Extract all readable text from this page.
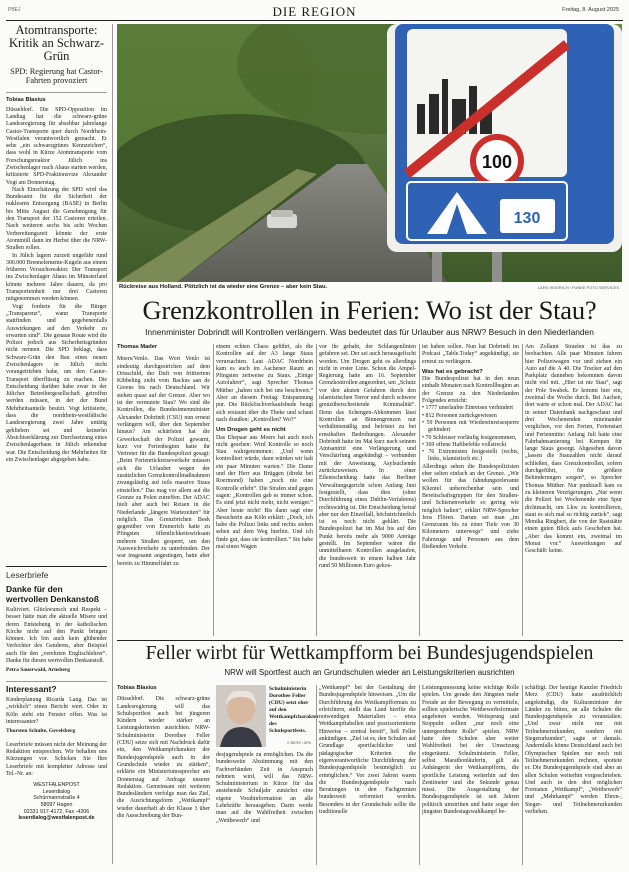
PBEJ	DIE REGION	Freitag, 8. August 2025
Atomtransporte: Kritik an Schwarz-Grün
SPD: Regierung hat Castor-Fahrten provoziert
Tobias Blasius

Düsseldorf. Die SPD-Opposition im Landtag hat die schwarz-grüne Landesregierung für absehbar jahrelange Castor-Transporte quer durch Nordrhein-Westfalen verantwortlich gemacht. Er sehe „ein schwarzgrünes Kennzeichen“, dass wohl in Kürze Atomtransporte vom Forschungsreaktor Jülich ins Zwischenlager nach Ahaus starten werden, kritisierte SPD-Fraktionsvize Alexander Vogt am Donnerstag.

Nach Einschätzung der SPD wird das Bundesamt für die Sicherheit der nuklearen Entsorgung (BASE) in Berlin bis Mitte August die Genehmigung für den Transport der 152 Castoren erteilen. Nach weiteren sechs bis acht Wochen Vorbereitungszeit könnte der erste Atommüll dann im Herbst über die NRW-Straßen rollen.

In Jülich lagern zurzeit ungefähr rund 300.000 Brennelemente-Kugeln aus einem früheren Versuchsreaktor. Der Transport ins Zwischenlager Ahaus im Münsterland könnte mehrere Jahre dauern, da pro Transporteinheit nur drei Castoren mitgenommen werden können.

Vogt forderte für die Bürger „Transparenz“, wann Transporte stattfinden und gegebenenfalls Auswirkungen auf den Verkehr zu erwarten sind“. Die genaue Route wird die Polizei jedoch aus Sicherheitsgründen nicht nennen. Die SPD beklagt, dass Schwarz-Grün den Bau eines neuen Zwischenlagers in Jülich nicht vorangetrieben habe, um den Castor-Transport überflüssig zu machen. Die Entscheidung darüber habe zwar in der Jülicher Betreibergesellschaft getroffen werden müssen, in der der Bund Mehrheitsanteile besitzt. Vogt kritisierte, dass die nordrhein-westfälische Landesregierung zwei Jahre untätig geblieben sei und keinerlei Absichtserklärung zur Durchsetzung eines Zwischenlagerbaus in Jülich erkennbar war. Die Entscheidung der Mehrheiten für ein Zwischenlager abgegeben habe.

Leserbriefe
Danke für den wertvollen Denkanstoß
Kultiviert. Glückwunsch und Respekt – besser hätte man die aktuelle Misere und deren Entstehung in der katholischen Kirche nicht auf den Punkt bringen können. Ich bin auch kein glühender Verfechter des Genderns, aber Beispiel auch für den „verehrten Englischlehrer“. Danke für diesen wertvollen Denkanstoß.
Petra Sauerwald, Arnsberg
Interessant?
Kinderplanung Ricarda Lang. Das ist „wirklich“ einen Bericht wert. Oder in Köln steht ein Fenster offen. Was ist interessanter?
Thorsten Schulte, Gevelsberg
Leserbriefe müssen nicht der Meinung der Redaktion entsprechen. Wir behalten uns Kürzungen vor. Schicken Sie Ihre Leserbriefe mit kompletter Adresse und Tel.-Nr. an:
WESTFALENPOST
Leserdialog
Schürmannstraße 4
58097 Hagen
02331 917-4172, Fax -4206
leserdialog@westfalenpost.de
100
130
Rückreise aus Holland. Plötzlich ist da wieder eine Grenze – aber kein Stau.	LARS HEIDRICH / FUNKE FOTO SERVICES
Grenzkontrollen in Ferien: Wo ist der Stau?
Innenminister Dobrindt will Kontrollen verlängern. Was bedeutet das für Urlauber aus NRW? Besuch in den Niederlanden

Thomas Mader

Moers/Venlo. Das Wort Venlo ist eindeutig durchgestrichen auf dem Ortsschild, der Duft von frittiertem Kibbeling zieht vom Backus aan de Greens bis nach Deutschland. Wir stehen quasi auf der Grenze. Aber wo ist der vermutete Stau? Wo sind die Kontrollen, die Bundesinnenminister Alexander Dobrindt (CSU) nun erneut verlängern will, über den September hinaus? Am schärfsten hat die Gewerkschaft der Polizei gewarnt, kurz vor Ferienbeginn hatte ihr Vertreter für die Bundespolizei gesagt: „Beim Ferienrückreiseverkehr müssen sich die Urlauber wegen der zusätzlichen Grenzkontrollmaßnahmen zwangsläufig auf teils massive Staus einstellen.“ Das mag vor allem auf die Grenze zu Polen zutreffen. Der ADAC hielt aber auch bei Reisen in die Niederlande „längere Wartezeiten“ für möglich. Das Grenzörtchen Beek gegenüber von Emmerich hatte zu Pfingsten öffentlichkeitswirksam mehrere Straßen gesperrt, um den Ausweichverkehr zu unterbinden. Der war insgesamt angestiegen, hatte aber bereits zu Himmelfahrt zu

einem echten Chaos geführt, als die Kontrollen auf der A3 lange Staus verursachten. Laut ADAC Nordrhein kam es auch im Aachener Raum an Pfingsten zeitweise zu Staus. „Einige Autofahrer“, sagt Sprecher Thomas Müther „haben sich bei uns beschwert.“ Aber an diesem Freitag: Entspannung pur. Die Rückfischverkaufsbude beugt sich erstaunt über die Theke und schaut nach draußen: „Kontrollen? Wo?“

Um Drogen geht es nicht

Das Ehepaar aus Moers hat auch noch nicht gesehen: Wird Kontrolle so noch Stau wahrgenommen: „Und wenn kontrolliert würde, dann würden wir halt ein paar Minuten warten.“ Die Dame und der Herr aus Brüggen (direkt bei Roermond) haben „noch nie eine Kontrolle erlebt“. Die Strafen sind gegen sagen: „Kontrollen gab es immer schon. Es sind jetzt nicht mehr, nicht weniger.“ Aber heute nicht! Bis dann sagt eine Besucherin aus Köln erklärt: „Doch, ich habe die Polizei links und rechts stehen sehen auf dem Weg hierhin. Und ich finde gut, dass sie kontrolliert.“ Sie habe mal einen Wagen

vor ihr gehabt, der Schlangenlinien gefahren sei. Der sei auch herausgefischt worden. Um Drogen geht es allerdings nicht in erster Linie. Schon die Ampel-Regierung hatte am 16. September Grenzkontrollen angeordnet, um „Schutz vor den akuten Gefahren durch den islamistischen Terror und durch schwere grenzüberschreitende Kriminalität“. Denn das Schengen-Abkommen lässt Kontrollen an Binnengrenzen nur verhältnismäßig und befristet zu bei ernsthaften Bedrohungen. Alexander Dobrindt hatte im Mai kurz nach seinem Amtsantritt eine Verlängerung und Verschärfung angekündigt – verbunden mit der Anweisung, Asylsuchende zurückzuweisen. In einer Eilentscheidung hatte das Berliner Verwaltungsgericht schon Anfang Juni festgestellt, dass dies (ohne Durchführung eines Dublin-Verfahrens) rechtswidrig ist. Die Entscheidung betraf aber nur den Einzelfall, höchstrichterlich ist es noch nicht geklärt. Die Bundespolizei hat im Mai bis auf den Punkt bereits mehr als 9000 Anträge gestellt. Im September wären die unmittelbaren Kontrollen ausgelaufen, die bundesweit in einem halben Jahr rund 50 Millionen Euro gekos-

tet haben sollen. Nun hat Dobrindt im Podcast „Table.Today“ angekündigt, sie erneut zu verlängern.

Was hat es gebracht?

Die Bundespolizei hat in den neun einhalb Monaten nach Kontrollbeginn an der Grenze zu den Niederlanden Folgendes erreicht:

• 1777 unerlaubte Einreisen verhindert
• 812 Personen zurückgewiesen
• 59 Personen mit Wiedereinreisesperre gehindert
• 70 Schleuser vorläufig festgenommen,
• 369 offene Haftbefehle vollstreckt
• 76 Extremisten festgestellt (rechts, links, islamistisch etc.)

Allerdings sehen die Bundespolizisten eher selten einfach an der Grenze. „Wir wollen für das fahndungsrelevante Klientel unberechenbar sein und Bereitschaftsgruppen für den Straßen- und Schienenverkehr so gering wie möglich halten“, erklärt NRW-Sprecher Jens Flören. Darum sei man „im Grenzraum bis zu einer Tiefe von 30 Kilometern unterwegs“ und ziehe Fahrzeuge und Personen aus dem fließenden Verkehr.

Am Zollamt Straelen ist das zu beobachten. Alle paar Minuten fahren hier Polizeiwagen vor und ziehen ein Auto auf die A 40. Die Trucker auf den Parkplatz danneben bekommen davon nicht viel mit. „Hier ist nie Stau“, sagt der Pole Swabek. Er kommt hier ein, zweimal die Woche durch. Bei Aachen, dort warte er schon mal. Der ADAC hat in seiner Datenbank nachgeschaut und drei Wochenenden miteinander verglichen, vor den Ferien, Ferienstart und Ferienmitte: Anfang Juli hatte eine Fahrbahnsanierung bei Kempen für lange Staus gesorgt. Abgesehen davon „lassen die Stauzahlen nicht darauf schließen, dass Grenzkontrollen, sofern durchgeführt, für größere Behinderungen sorgen“, so Sprecher Thomas Müther. Nur punktuell kam es zu kleineren Verzögerungen. „Nur wenn die Polizei bei Wochenende eine Spur dichtmacht, um Lkw zu kontrollieren, staut es sich mal so richtig zurück“, sagt Monika Ringbert, die von der Raststätte einen guten Blick aufs Geschehen hat. „Aber das kommt ein, zweimal im Monat vor.“ Auswirkungen auf Geschäft: keine.

Feller wirbt für Wettkampfform bei Bundesjugendspielen
NRW will Sportfest auch an Grundschulen wieder an Leistungskriterien ausrichten

Tobias Blasius

Düsseldorf. Die schwarz-grüne Landesregierung will das Schulsportfest auch bei jüngeren Kindern wieder stärker an Leistungskriterien ausrichten. NRW-Schulministerin Dorothee Feller (CDU) setze sich mit Nachdruck dafür ein, den Wettkampfcharakter der Bundesjugendspiele auch in der Grundschule wieder zu stärken“, erklärte ein Ministeriumssprecher am Donnerstag auf Anfrage unserer Redaktion. Gemeinsam mit weiteren Bundesländern verfolge man das Ziel, die Ausrichtungsform „Wettkampf“ wieder dauerhaft ab der Klasse 3 über die Ausschreibung der Bun-

Schulministerin Dorothee Feller (CDU) setzt eher auf den Wettkampfcharakter des Schulsportfests.
© BERG / DPA

desjugendspiele zu ermöglichen. Da die bundesweite Abstimmung mit den Fachverbänden Zeit in Anspruch nehmen wird, will das NRW-Schulministerium in Kürze für das anstehende Schuljahr zunächst eine eigene Vorabinformation an alle Lehrkräfte herausgeben. Darin werde man auf die Wahlfreiheit zwischen „Wettbewerb“ und

„Wettkampf“ bei der Gestaltung der Bundesjugendspiele hinweisen. „Um die Durchführung des Wettkampfformats zu erleichtern, stellt das Land hierfür die notwendigen Materialien – etwa Wettkampftabellen und praxisorientierte Hinweise – zentral bereit“, ließ Feller ankündigen. „Ziel ist es, den Schulen auf Grundlage sportfachlicher und pädagogischer Kriterien die eigenverantwortliche Durchführung der Bundesjugendspiele bestmöglich zu ermöglichen.“ Vor zwei Jahren waren die Bundesjugendspiele nach Beratungen in den Fachgremien bundesweit reformiert worden. Besonders in der Grundschule sollte die traditionelle

Leistungsmessung keine wichtige Rolle spielen. Um gerade den Jüngsten mehr Freude an der Bewegung zu vermitteln, sollten spielerische Wettbewerbsformate angeboten werden. Weitsprung und Stoppuhr sollten „nur noch eine untergeordnete Rolle“ spielen. NRW hatte den Schulen aber weiter Wahlfreiheit bei der Umsetzung eingeräumt. Schulministerin Feller, selbst Marathonläuferin, gilt als Anhängerin der Wettkampfform, die sportliche Leistung weiterhin auf den Zentimeter und die Sekunde genau misst. Die Ausgestaltung der Bundesjugendspiele ist seit Jahren politisch umstritten und hatte sogar den jüngsten Bundestagswahlkampf be-

schäftigt. Der heutige Kanzler Friedrich Merz (CDU) hatte ausdrücklich angekündigt, die Kultusminister der Länder zu bitten, an alle Schulen die Bundesjugendspiele zu veranstalten. „Und zwar nicht nur mit Teilnehmerurkunden, sondern mit Siegerurkunden“, sagte er damals. Andernfalls könne Deutschland auch bei Olympischen Spielen nur noch mit Teilnehmerurkunden rechnen, spottete er. Die Bundesjugendspiele sind aber an allen Schulen weiterhin vorgeschrieben. Und auch in den drei möglichen Formaten „Wettkampf“, „Wettbewerb“ und „Mehrkampf“ werden Ehren-, Sieger- und Teilnehmerurkunden verliehen.
